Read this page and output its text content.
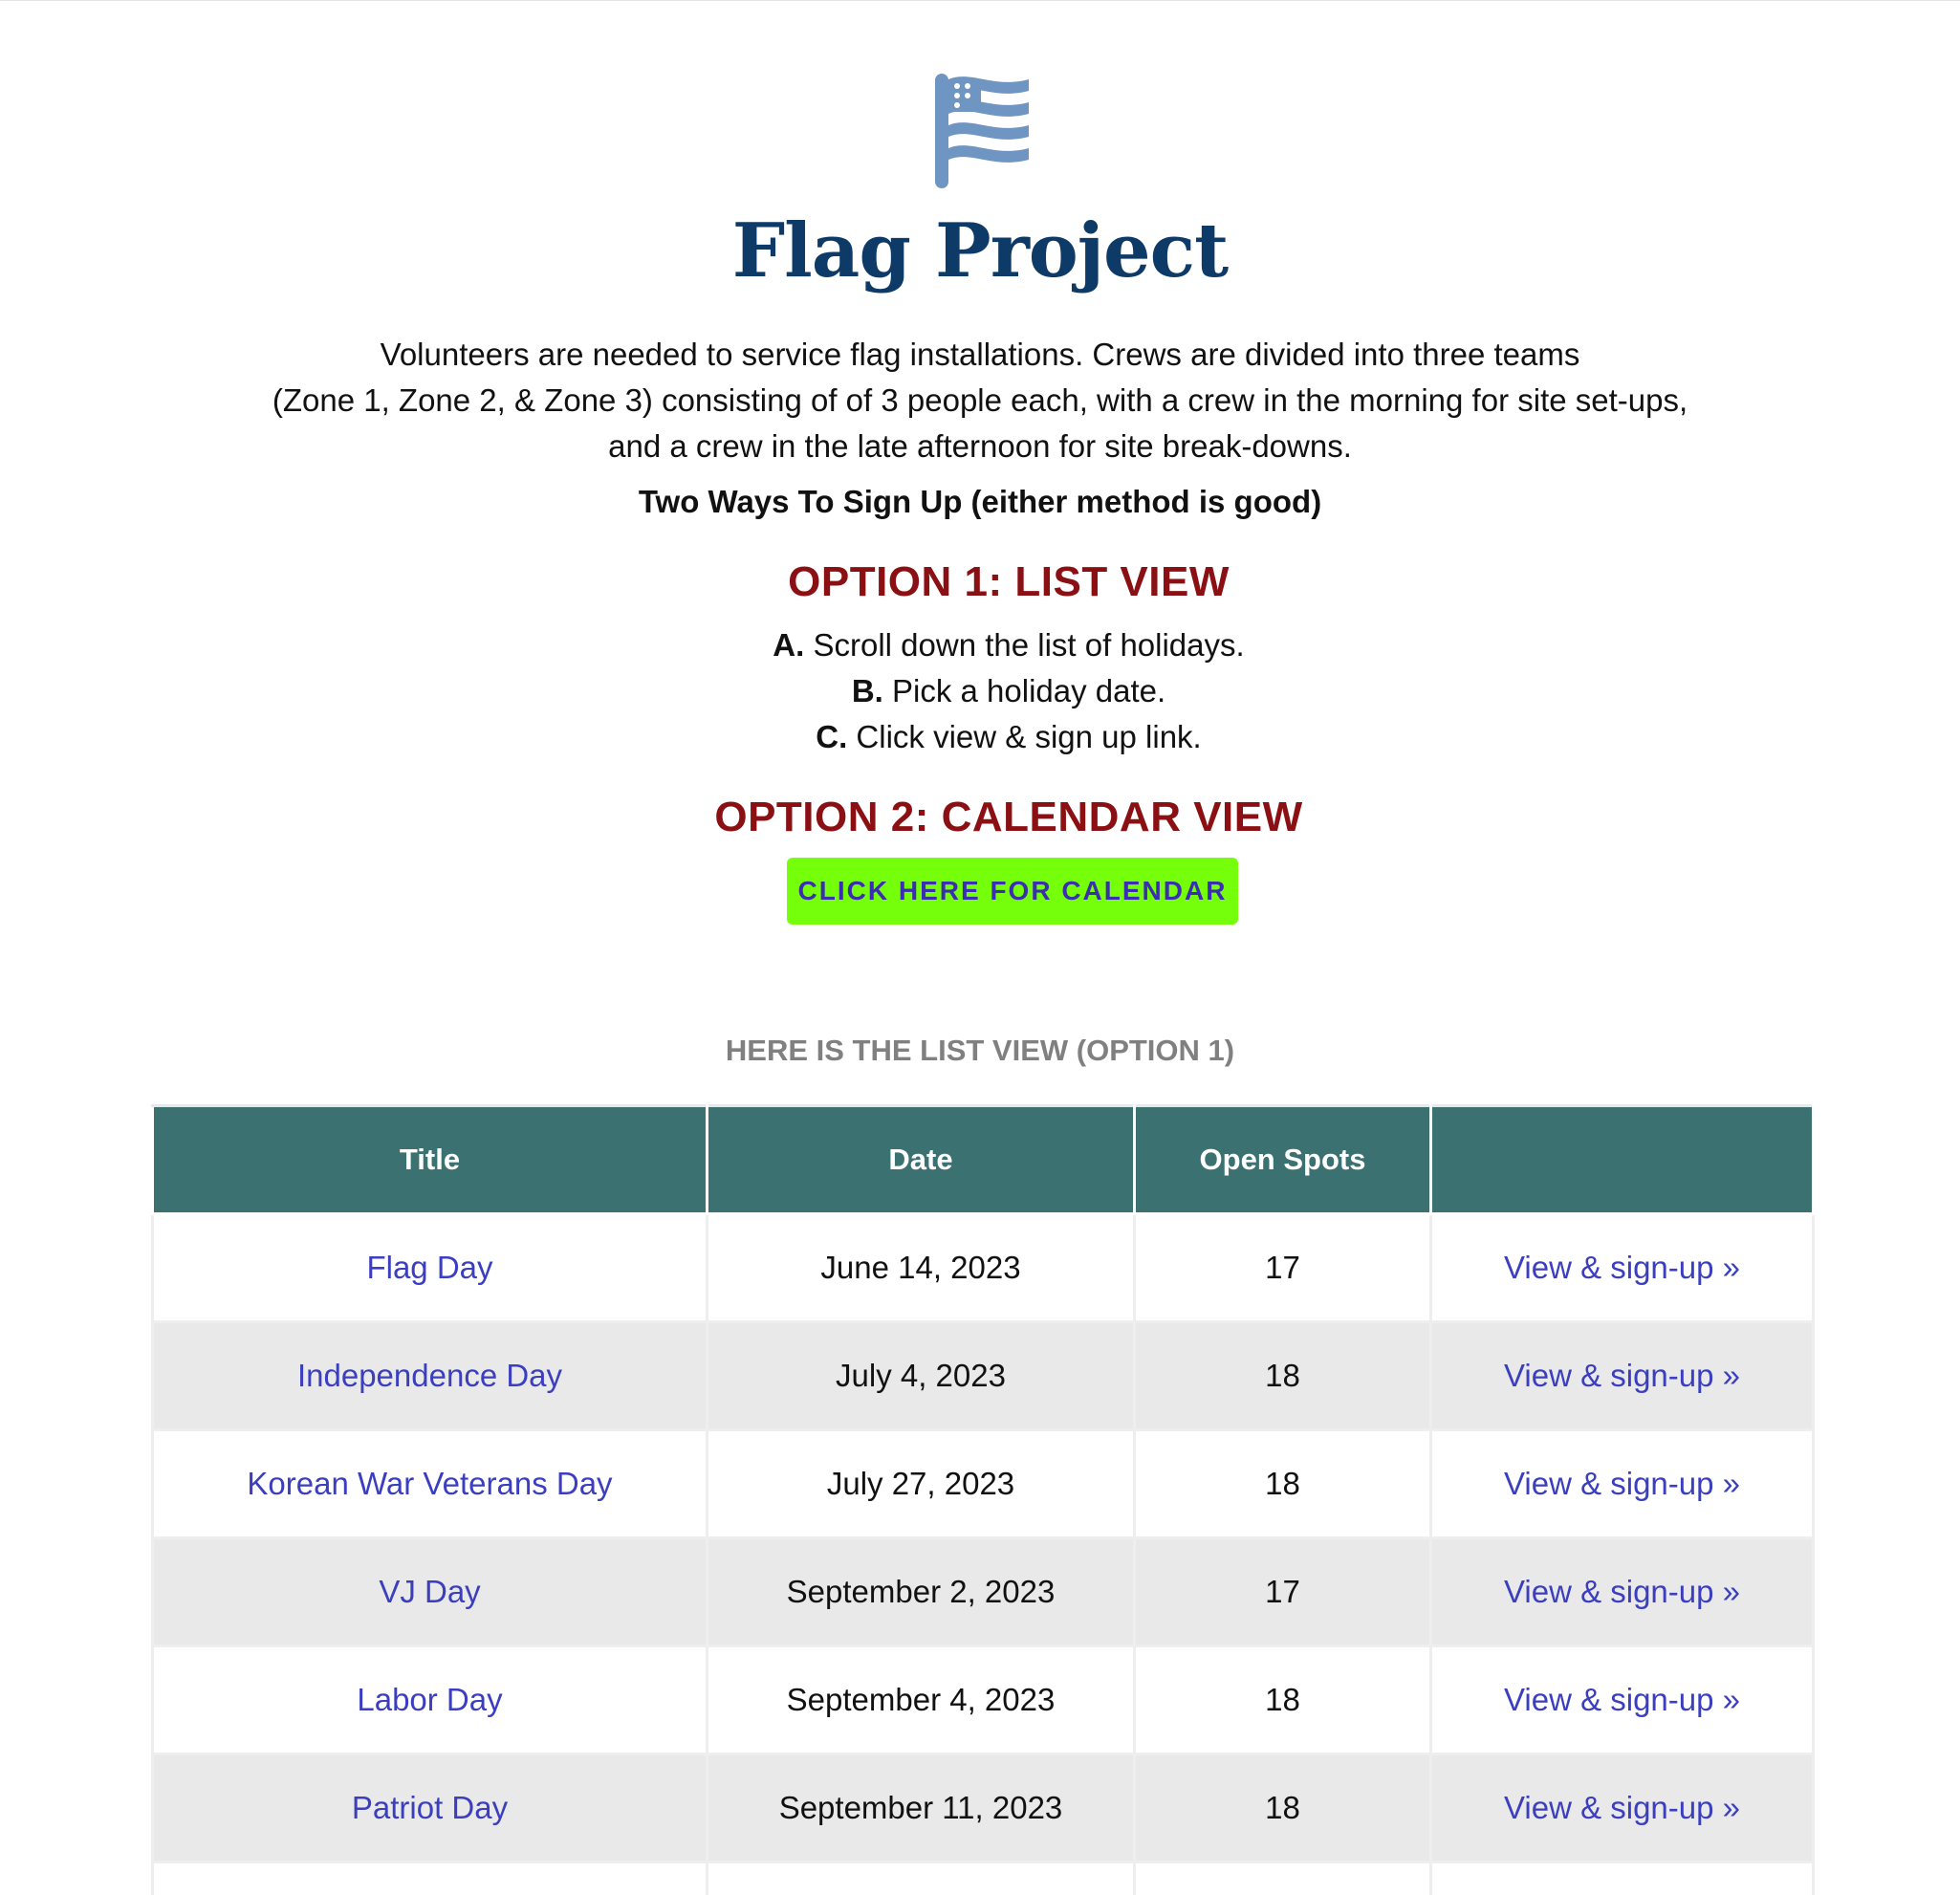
Flag Project
Volunteers are needed to service flag installations. Crews are divided into three teams
(Zone 1, Zone 2, & Zone 3) consisting of of 3 people each, with a crew in the morning for site set-ups,
and a crew in the late afternoon for site break-downs.
Two Ways To Sign Up (either method is good)
OPTION 1: LIST VIEW
A. Scroll down the list of holidays.
B. Pick a holiday date.
C. Click view & sign up link.
OPTION 2: CALENDAR VIEW
CLICK HERE FOR CALENDAR
HERE IS THE LIST VIEW (OPTION 1)
Title	Date	Open Spots	
Flag Day	June 14, 2023	17	View & sign-up »
Independence Day	July 4, 2023	18	View & sign-up »
Korean War Veterans Day	July 27, 2023	18	View & sign-up »
VJ Day	September 2, 2023	17	View & sign-up »
Labor Day	September 4, 2023	18	View & sign-up »
Patriot Day	September 11, 2023	18	View & sign-up »
